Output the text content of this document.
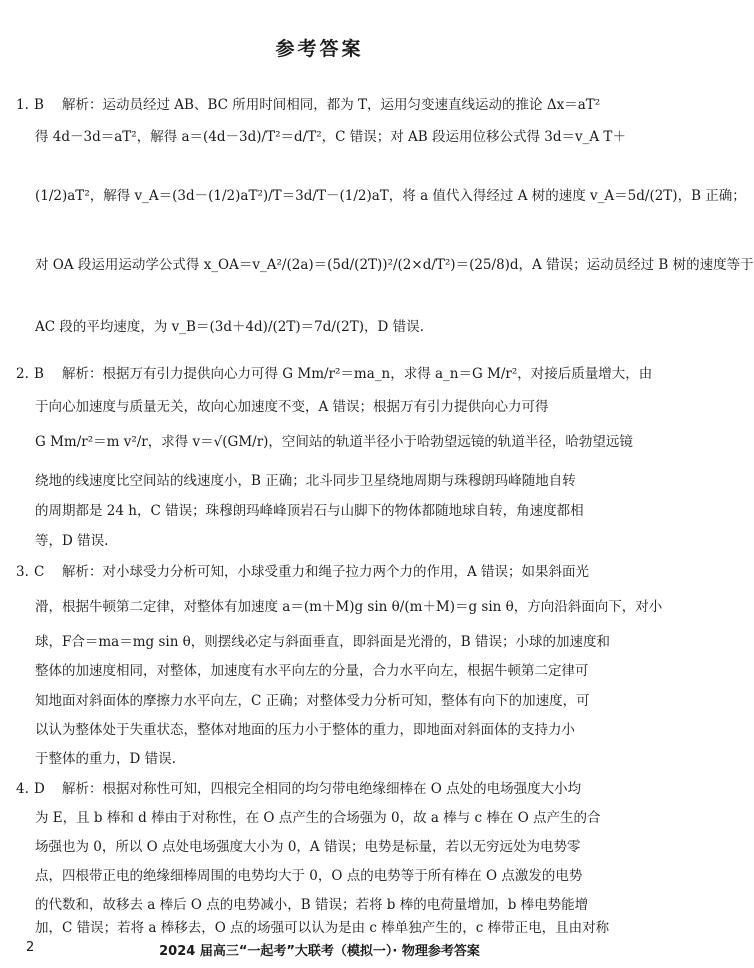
参考答案

1. B 解析：运动员经过 AB、BC 所用时间相同，都为 T，运用匀变速直线运动的推论 Δx＝aT²

得 4d－3d＝aT²，解得 a＝(4d－3d)/T²＝d/T²，C 错误；对 AB 段运用位移公式得 3d＝v_A T＋

(1/2)aT²，解得 v_A＝(3d－(1/2)aT²)/T＝3d/T－(1/2)aT，将 a 值代入得经过 A 树的速度 v_A＝5d/(2T)，B 正确；

对 OA 段运用运动学公式得 x_OA＝v_A²/(2a)＝(5d/(2T))²/(2×d/T²)＝(25/8)d，A 错误；运动员经过 B 树的速度等于

AC 段的平均速度，为 v_B＝(3d＋4d)/(2T)＝7d/(2T)，D 错误.

2. B 解析：根据万有引力提供向心力可得 G Mm/r²＝ma_n，求得 a_n＝G M/r²，对接后质量增大，由

于向心加速度与质量无关，故向心加速度不变，A 错误；根据万有引力提供向心力可得

G Mm/r²＝m v²/r，求得 v＝√(GM/r)，空间站的轨道半径小于哈勃望远镜的轨道半径，哈勃望远镜

绕地的线速度比空间站的线速度小，B 正确；北斗同步卫星绕地周期与珠穆朗玛峰随地自转

的周期都是 24 h，C 错误；珠穆朗玛峰峰顶岩石与山脚下的物体都随地球自转，角速度都相

等，D 错误.

3. C 解析：对小球受力分析可知，小球受重力和绳子拉力两个力的作用，A 错误；如果斜面光

滑，根据牛顿第二定律，对整体有加速度 a＝(m＋M)g sin θ/(m＋M)＝g sin θ，方向沿斜面向下，对小

球，F合＝ma＝mg sin θ，则摆线必定与斜面垂直，即斜面是光滑的，B 错误；小球的加速度和

整体的加速度相同，对整体，加速度有水平向左的分量，合力水平向左，根据牛顿第二定律可

知地面对斜面体的摩擦力水平向左，C 正确；对整体受力分析可知，整体有向下的加速度，可

以认为整体处于失重状态，整体对地面的压力小于整体的重力，即地面对斜面体的支持力小

于整体的重力，D 错误.

4. D 解析：根据对称性可知，四根完全相同的均匀带电绝缘细棒在 O 点处的电场强度大小均

为 E，且 b 棒和 d 棒由于对称性，在 O 点产生的合场强为 0，故 a 棒与 c 棒在 O 点产生的合

场强也为 0，所以 O 点处电场强度大小为 0，A 错误；电势是标量，若以无穷远处为电势零

点，四根带正电的绝缘细棒周围的电势均大于 0，O 点的电势等于所有棒在 O 点激发的电势

的代数和，故移去 a 棒后 O 点的电势减小，B 错误；若将 b 棒的电荷量增加，b 棒电势能增

加，C 错误；若将 a 棒移去，O 点的场强可以认为是由 c 棒单独产生的，c 棒带正电，且由对称

2	2024 届高三“一起考”大联考（模拟一）· 物理参考答案
